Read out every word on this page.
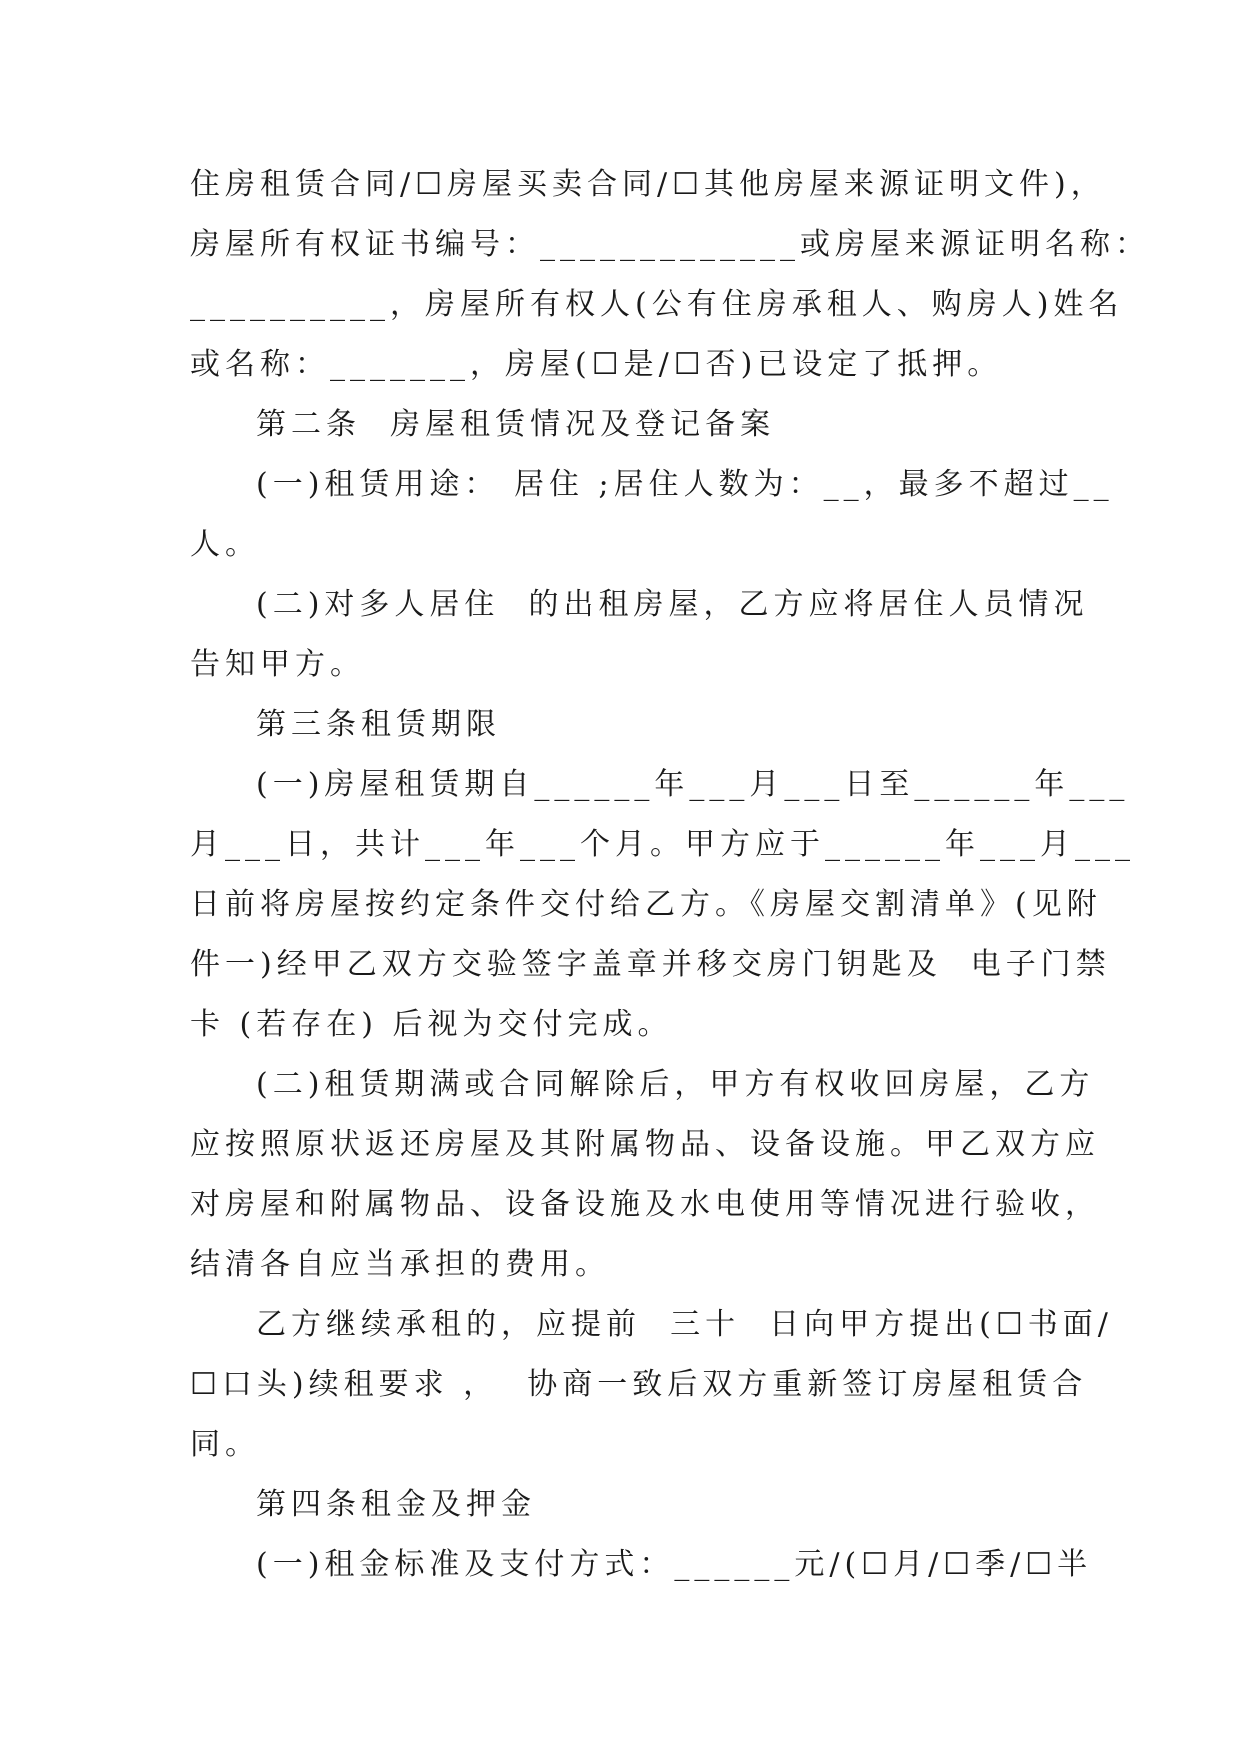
住房租赁合同/☐房屋买卖合同/☐其他房屋来源证明文件)，
房屋所有权证书编号：_____________或房屋来源证明名称：
__________，房屋所有权人(公有住房承租人、购房人)姓名
或名称：_______，房屋(☐是/☐否)已设定了抵押。
第二条  房屋租赁情况及登记备案
(一)租赁用途： 居住 ;居住人数为：__，最多不超过__
人。
(二)对多人居住  的出租房屋，乙方应将居住人员情况
告知甲方。
第三条租赁期限
(一)房屋租赁期自______年___月___日至______年___
月___日，共计___年___个月。甲方应于______年___月___
日前将房屋按约定条件交付给乙方。《房屋交割清单》(见附
件一)经甲乙双方交验签字盖章并移交房门钥匙及  电子门禁
卡 (若存在) 后视为交付完成。
(二)租赁期满或合同解除后，甲方有权收回房屋，乙方
应按照原状返还房屋及其附属物品、设备设施。甲乙双方应
对房屋和附属物品、设备设施及水电使用等情况进行验收，
结清各自应当承担的费用。
乙方继续承租的，应提前  三十  日向甲方提出(☐书面/
☐口头)续租要求 ，  协商一致后双方重新签订房屋租赁合
同。
第四条租金及押金
(一)租金标准及支付方式：______元/(☐月/☐季/☐半
